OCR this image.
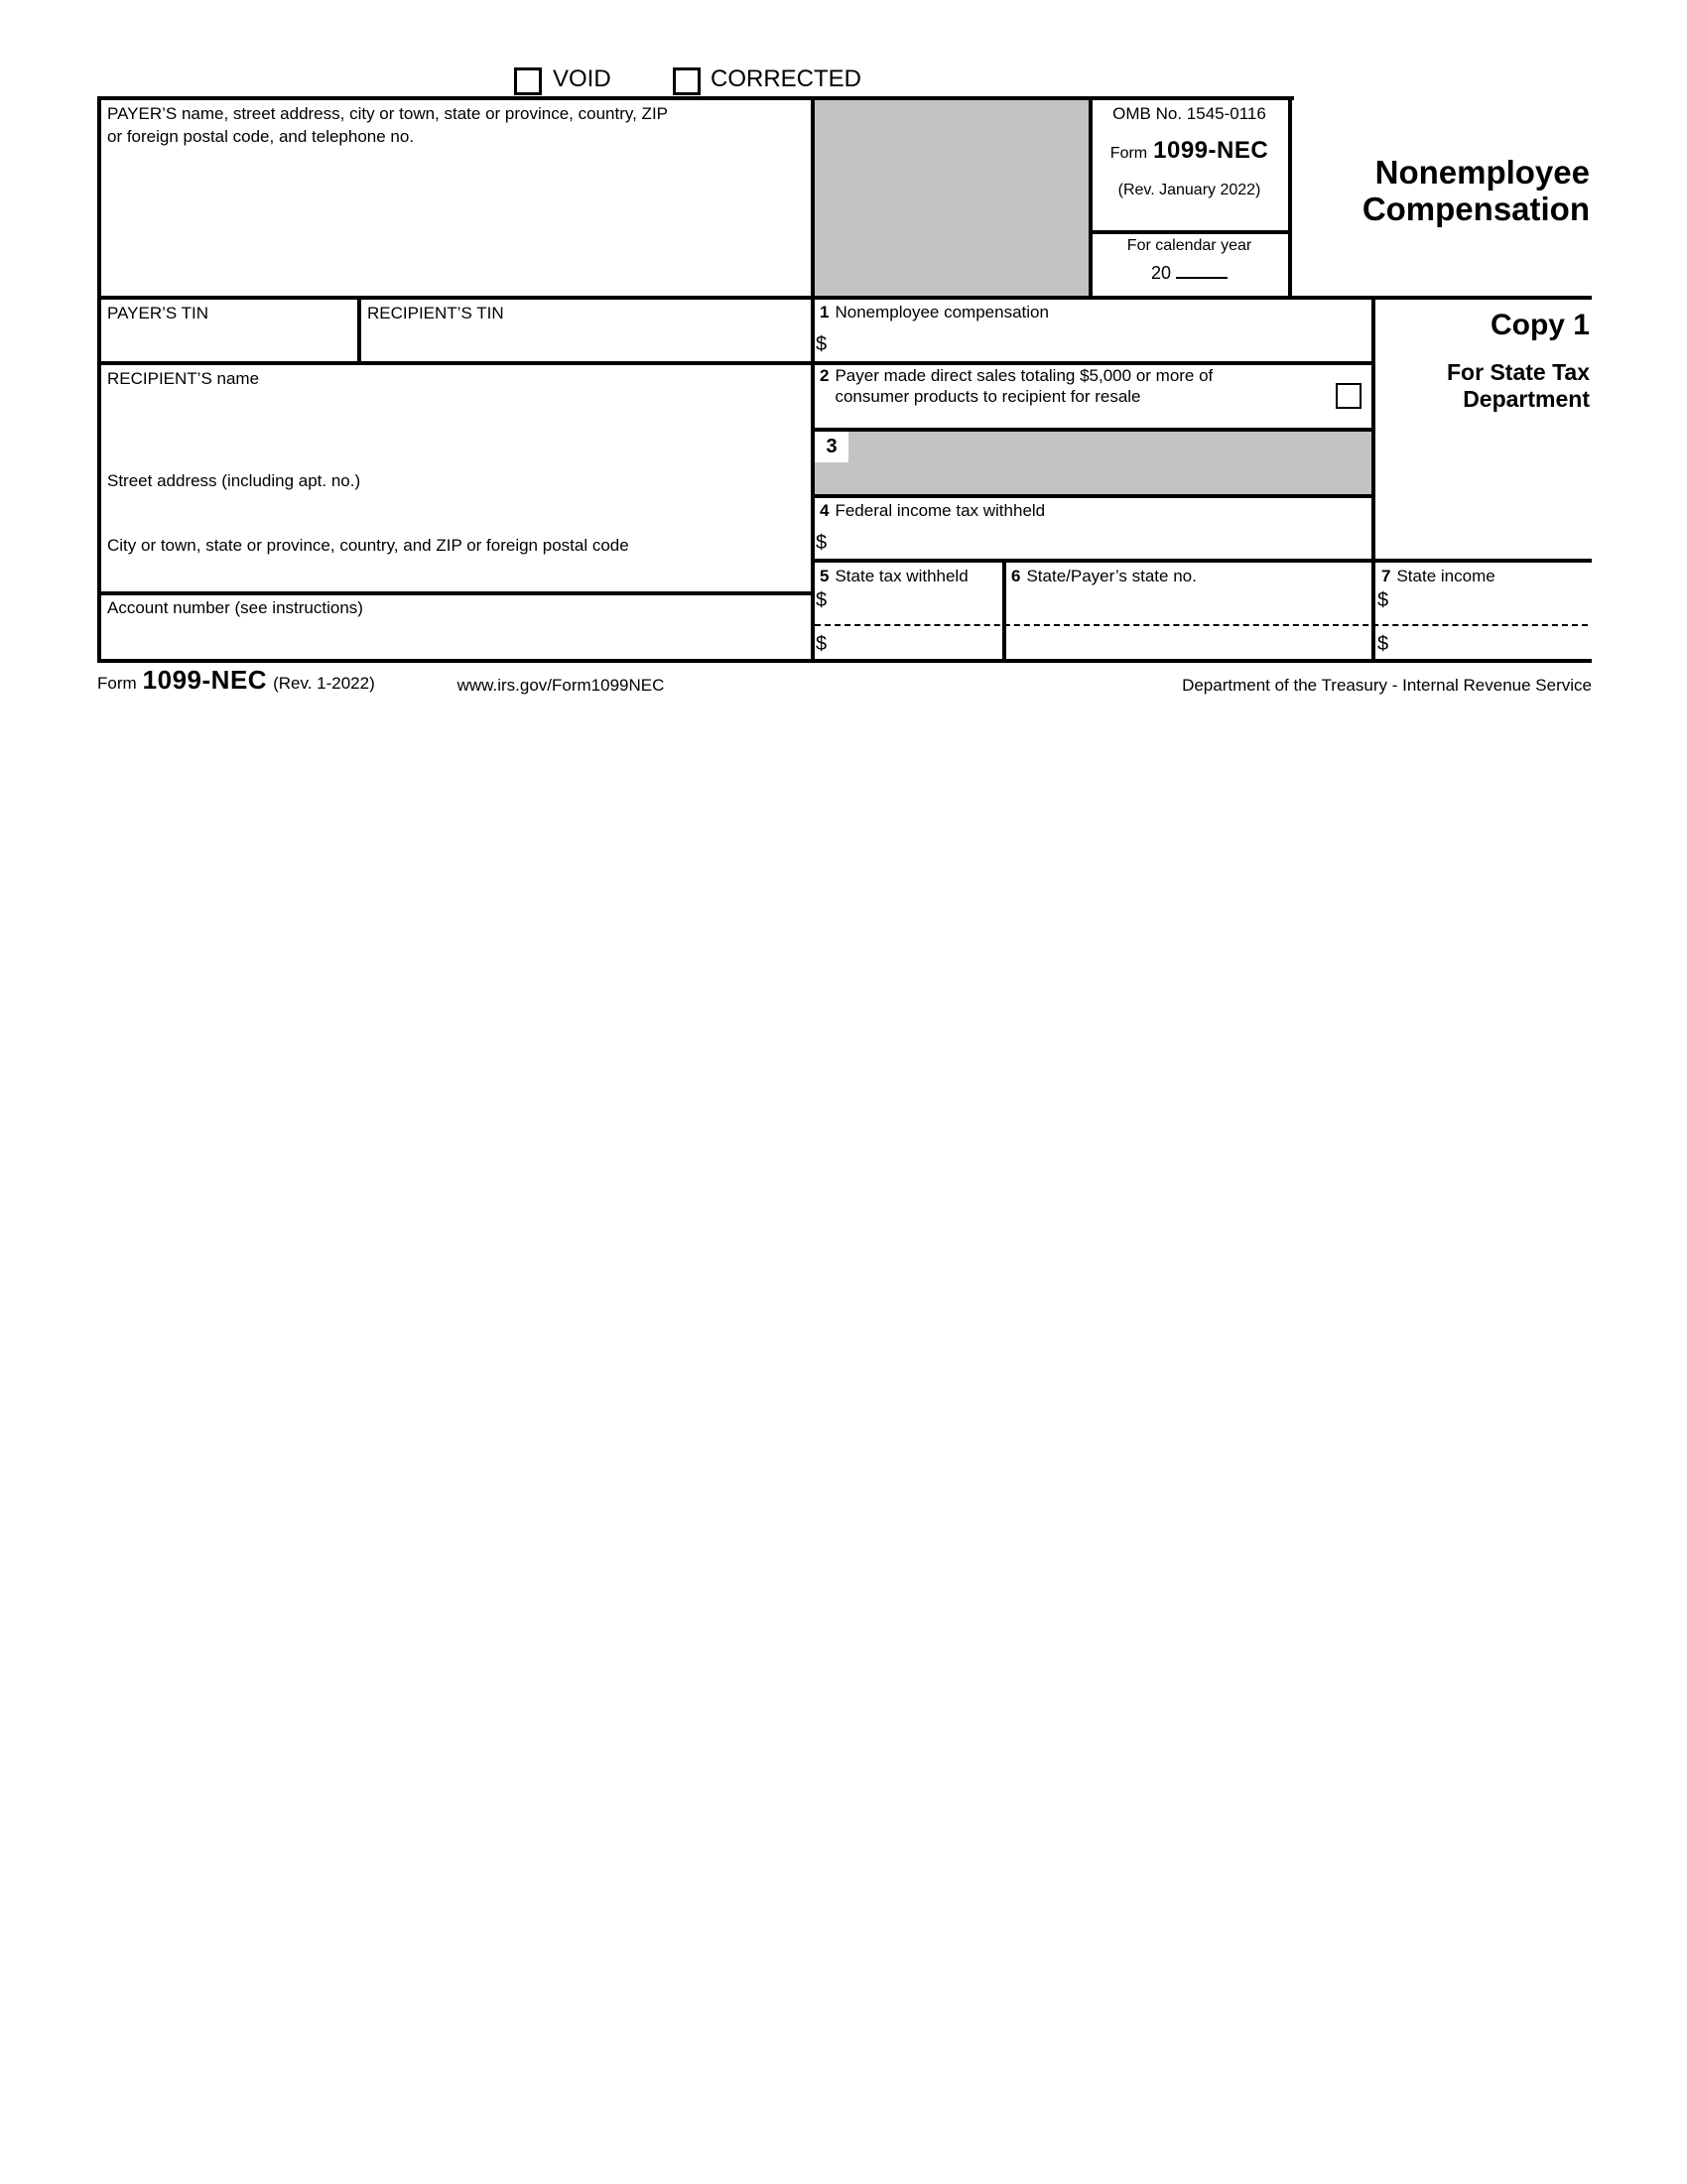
VOID	CORRECTED
3
PAYER’S name, street address, city or town, state or province, country, ZIP
or foreign postal code, and telephone no.
OMB No. 1545-0116
Form 1099-NEC
(Rev. January 2022)
For calendar year
20
Nonemployee
Compensation
PAYER’S TIN	RECIPIENT’S TIN	1 Nonemployee compensation
$
Copy 1
For State Tax
Department
RECIPIENT’S name
Street address (including apt. no.)
City or town, state or province, country, and ZIP or foreign postal code
2 Payer made direct sales totaling $5,000 or more of
consumer products to recipient for resale
4 Federal income tax withheld
$
5 State tax withheld
$
$
6 State/Payer’s state no.	7 State income
$
$
Account number (see instructions)
Form 1099-NEC (Rev. 1-2022)	www.irs.gov/Form1099NEC	Department of the Treasury - Internal Revenue Service
